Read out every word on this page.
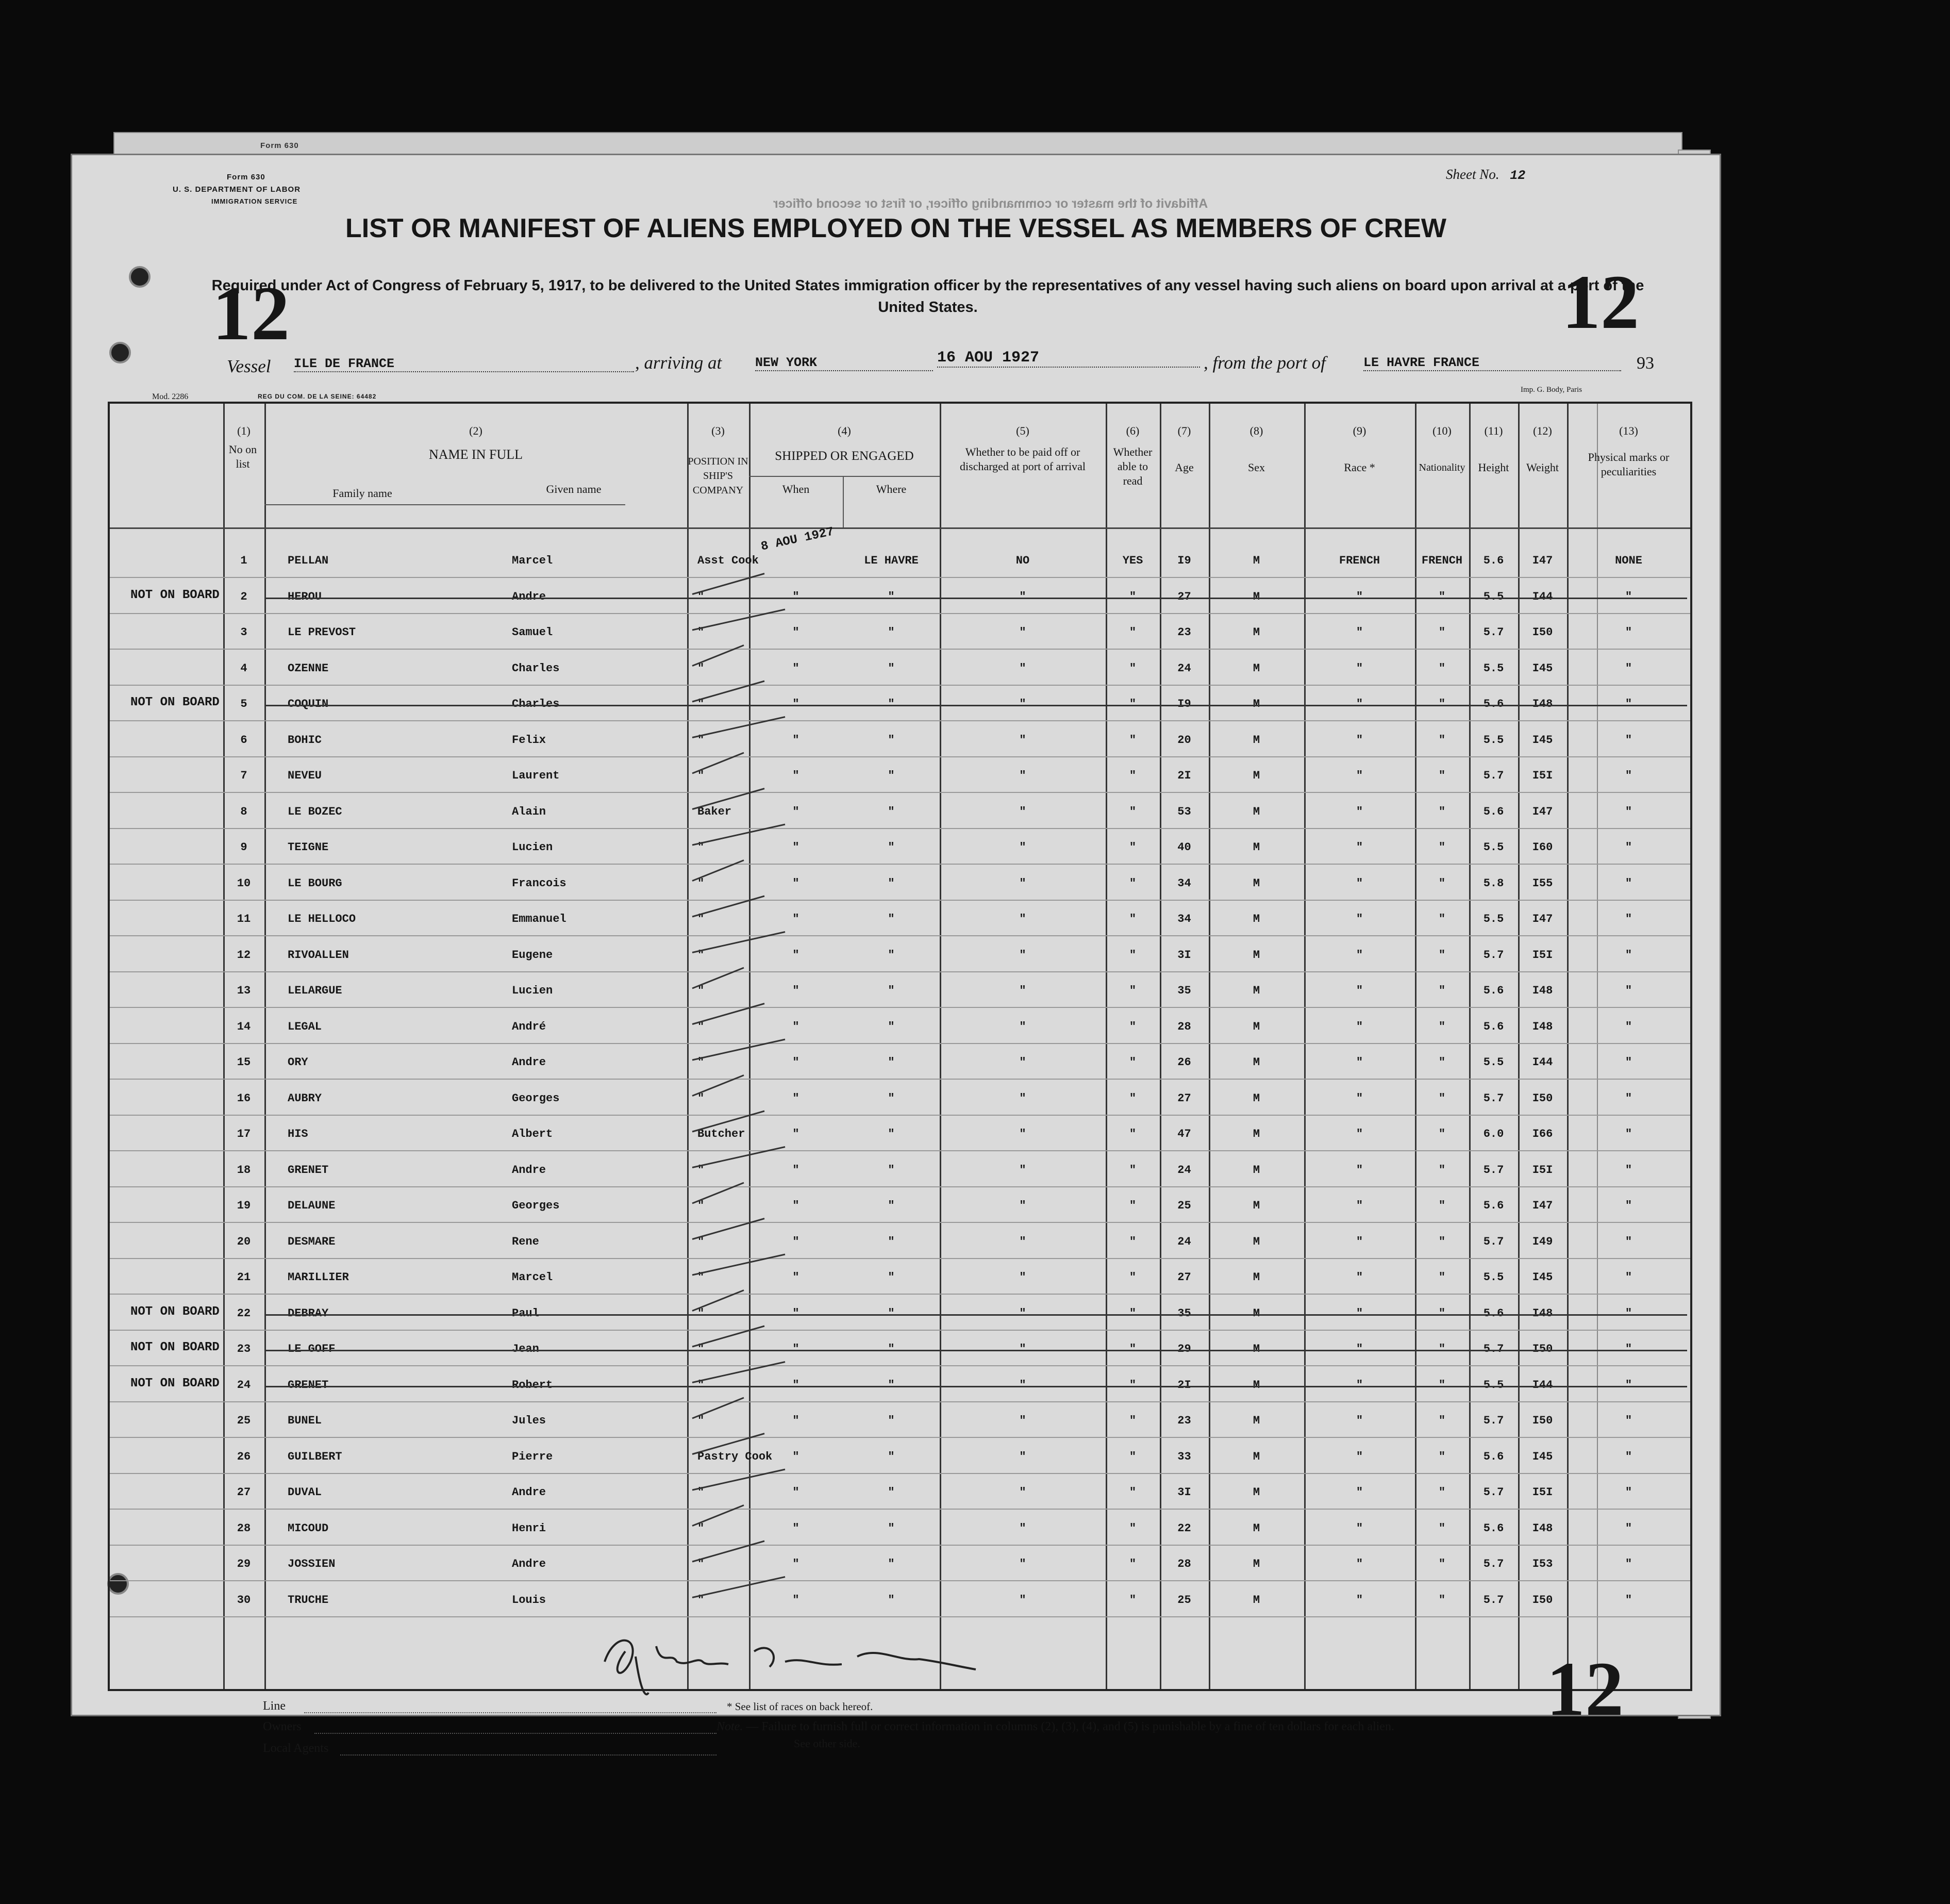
Form 630
Form 630
U. S. DEPARTMENT OF LABOR
IMMIGRATION SERVICE
Sheet No. 12
Affidavit of the master or commanding officer, or first or second officer
LIST OR MANIFEST OF ALIENS EMPLOYED ON THE VESSEL AS MEMBERS OF CREW
Required under Act of Congress of February 5, 1917, to be delivered to the United States immigration officer by the representatives of any vessel having such aliens on board upon arrival at a port of the United States.
12	12
Vessel ILE DE FRANCE	, arriving at	NEW YORK	16 AOU 1927	, from the port of	LE HAVRE FRANCE	93
Mod. 2286	REG DU COM. DE LA SEINE: 64482
Imp. G. Body, Paris
(1)
No on list
(2)
NAME IN FULL
Family name	Given name
(3)
POSITION IN SHIP'S COMPANY
(4)
SHIPPED OR ENGAGED
When	Where
(5)
Whether to be paid off or discharged at port of arrival
(6)
Whether able to read
(7)
Age
(8)
Sex
(9)
Race *
(10)
Nationality
(11)
Height
(12)
Weight
(13)
Physical marks or peculiarities
8 AOU 1927
1	PELLAN	Marcel	Asst Cook	LE HAVRE	NO	YES	I9	M	FRENCH	FRENCH	5.6	I47	NONE
2	HEROU	Andre	"	"	"	"	"	27	M	"	"	5.5	I44	"
NOT ON BOARD
3	LE PREVOST	Samuel	"	"	"	"	"	23	M	"	"	5.7	I50	"
4	OZENNE	Charles	"	"	"	"	"	24	M	"	"	5.5	I45	"
5	COQUIN	Charles	"	"	"	"	"	I9	M	"	"	5.6	I48	"
NOT ON BOARD
6	BOHIC	Felix	"	"	"	"	"	20	M	"	"	5.5	I45	"
7	NEVEU	Laurent	"	"	"	"	"	2I	M	"	"	5.7	I5I	"
8	LE BOZEC	Alain	Baker	"	"	"	"	53	M	"	"	5.6	I47	"
9	TEIGNE	Lucien	"	"	"	"	"	40	M	"	"	5.5	I60	"
10	LE BOURG	Francois	"	"	"	"	"	34	M	"	"	5.8	I55	"
11	LE HELLOCO	Emmanuel	"	"	"	"	"	34	M	"	"	5.5	I47	"
12	RIVOALLEN	Eugene	"	"	"	"	"	3I	M	"	"	5.7	I5I	"
13	LELARGUE	Lucien	"	"	"	"	"	35	M	"	"	5.6	I48	"
14	LEGAL	André	"	"	"	"	"	28	M	"	"	5.6	I48	"
15	ORY	Andre	"	"	"	"	"	26	M	"	"	5.5	I44	"
16	AUBRY	Georges	"	"	"	"	"	27	M	"	"	5.7	I50	"
17	HIS	Albert	Butcher	"	"	"	"	47	M	"	"	6.0	I66	"
18	GRENET	Andre	"	"	"	"	"	24	M	"	"	5.7	I5I	"
19	DELAUNE	Georges	"	"	"	"	"	25	M	"	"	5.6	I47	"
20	DESMARE	Rene	"	"	"	"	"	24	M	"	"	5.7	I49	"
21	MARILLIER	Marcel	"	"	"	"	"	27	M	"	"	5.5	I45	"
22	DEBRAY	Paul	"	"	"	"	"	35	M	"	"	5.6	I48	"
NOT ON BOARD
23	LE GOFF	Jean	"	"	"	"	"	29	M	"	"	5.7	I50	"
NOT ON BOARD
24	GRENET	Robert	"	"	"	"	"	2I	M	"	"	5.5	I44	"
NOT ON BOARD
25	BUNEL	Jules	"	"	"	"	"	23	M	"	"	5.7	I50	"
26	GUILBERT	Pierre	Pastry Cook	"	"	"	"	33	M	"	"	5.6	I45	"
27	DUVAL	Andre	"	"	"	"	"	3I	M	"	"	5.7	I5I	"
28	MICOUD	Henri	"	"	"	"	"	22	M	"	"	5.6	I48	"
29	JOSSIEN	Andre	"	"	"	"	"	28	M	"	"	5.7	I53	"
30	TRUCHE	Louis	"	"	"	"	"	25	M	"	"	5.7	I50	"
Line
Owners
Local Agents
* See list of races on back hereof.
Note. — Failure to furnish full or correct information in columns (2), (3), (4), and (5) is punishable by a fine of ten dollars for each alien.
See other side.
12
